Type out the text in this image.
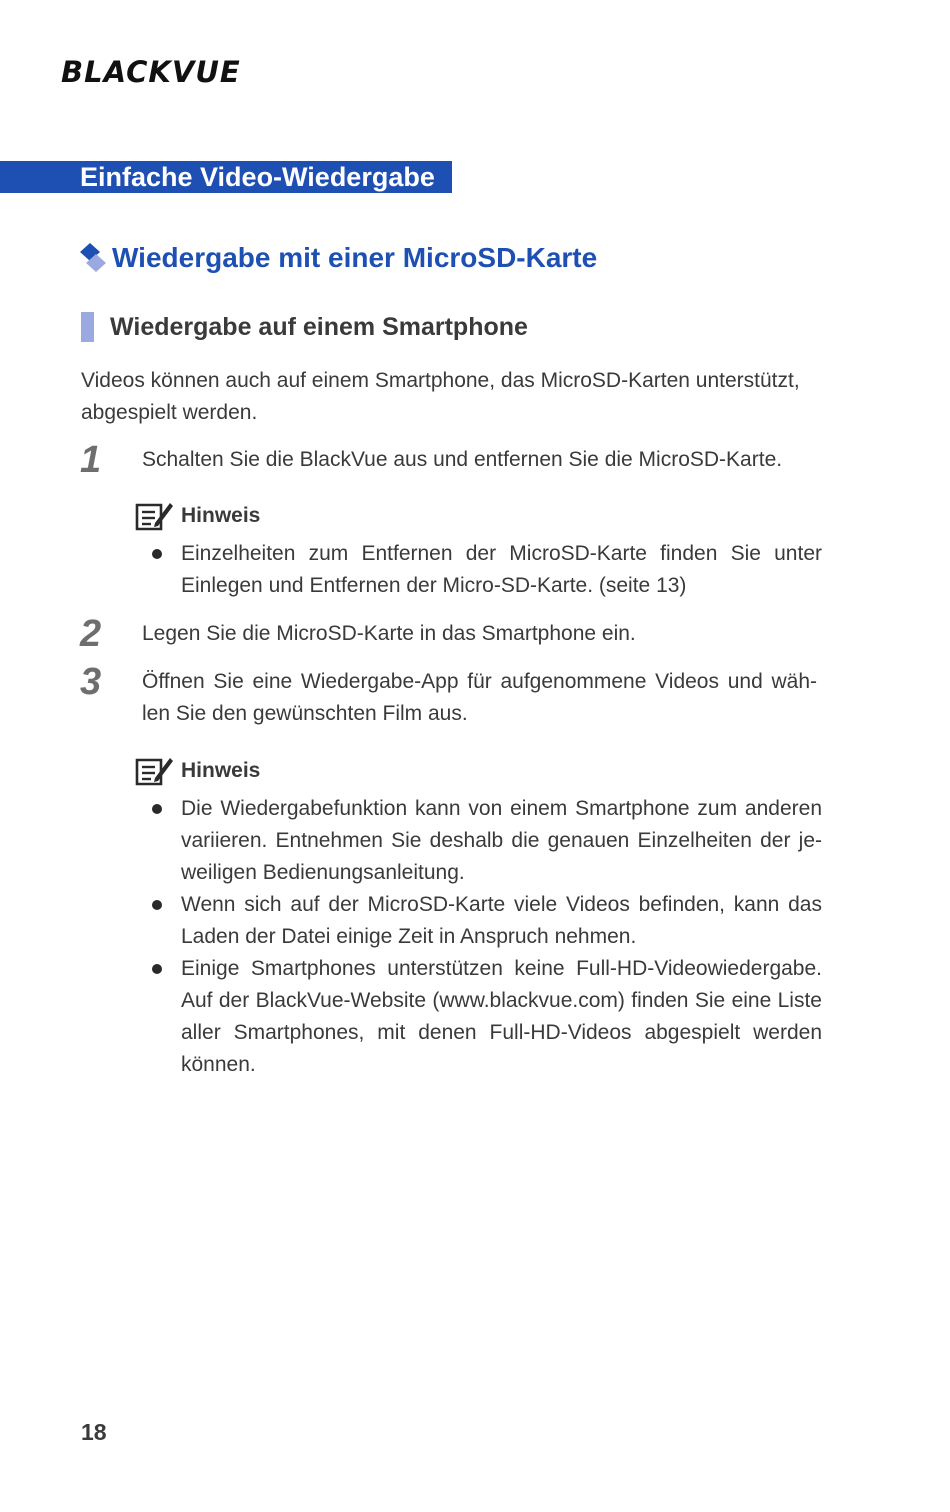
BLACKVUE
Einfache Video-Wiedergabe
Wiedergabe mit einer MicroSD-Karte
Wiedergabe auf einem Smartphone
Videos können auch auf einem Smartphone, das MicroSD-Karten unterstützt, abgespielt werden.
1 Schalten Sie die BlackVue aus und entfernen Sie die MicroSD-Karte.
Hinweis
Einzelheiten zum Entfernen der MicroSD-Karte finden Sie unter Einlegen und Entfernen der Micro-SD-Karte. (seite 13)
2 Legen Sie die MicroSD-Karte in das Smartphone ein.
3 Öffnen Sie eine Wiedergabe-App für aufgenommene Videos und wäh-len Sie den gewünschten Film aus.
Hinweis
Die Wiedergabefunktion kann von einem Smartphone zum anderen variieren. Entnehmen Sie deshalb die genauen Einzelheiten der je-weiligen Bedienungsanleitung.
Wenn sich auf der MicroSD-Karte viele Videos befinden, kann das Laden der Datei einige Zeit in Anspruch nehmen.
Einige Smartphones unterstützen keine Full-HD-Videowiedergabe. Auf der BlackVue-Website (www.blackvue.com) finden Sie eine Liste aller Smartphones, mit denen Full-HD-Videos abgespielt werden können.
18
